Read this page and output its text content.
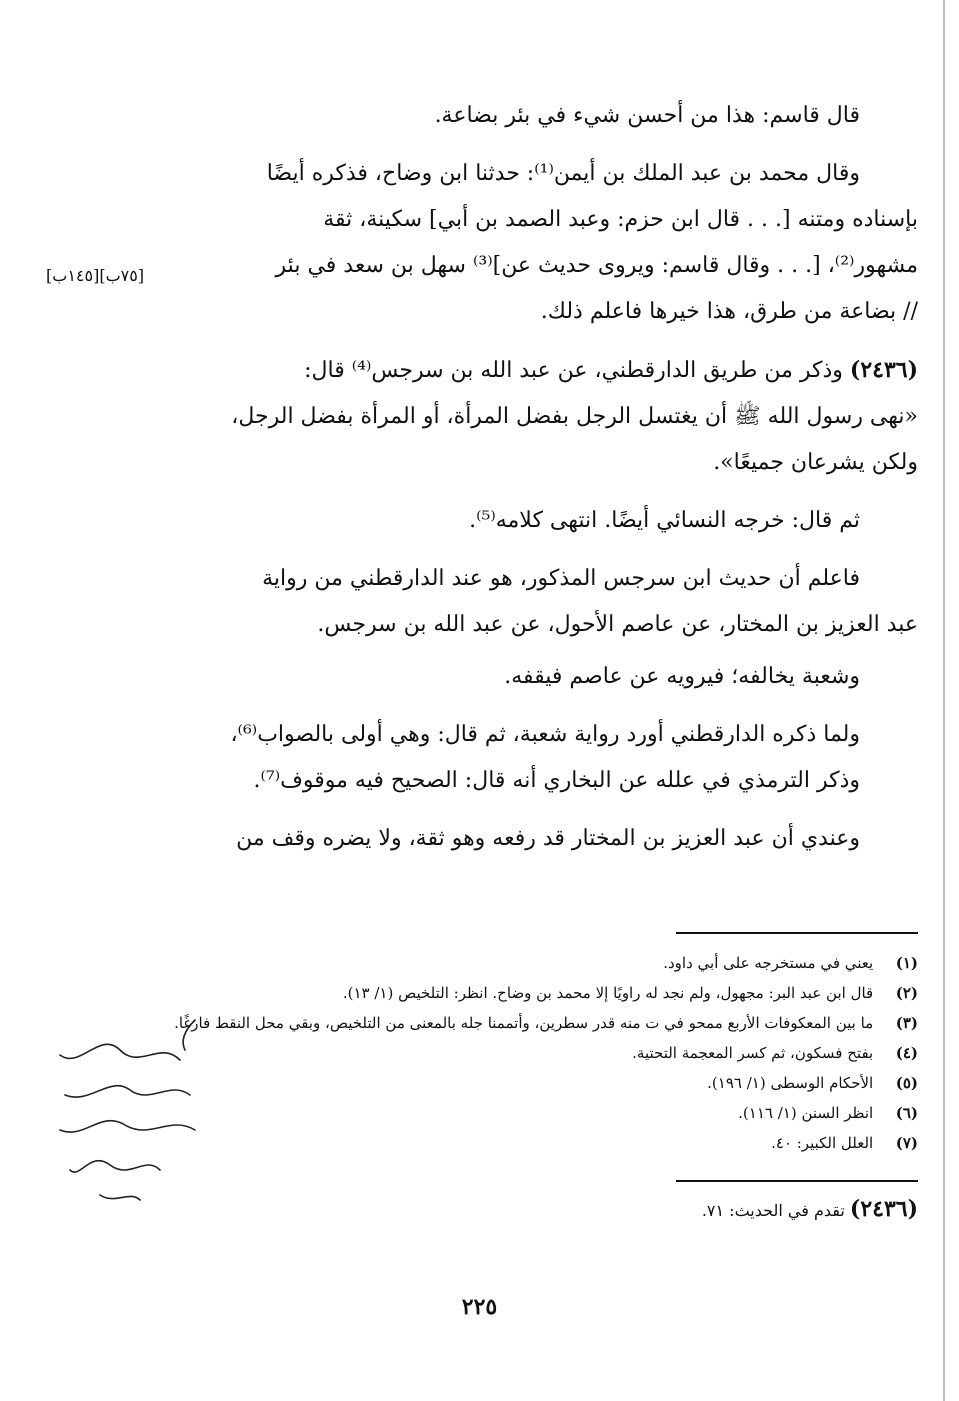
قال قاسم: هذا من أحسن شيء في بئر بضاعة.

وقال محمد بن عبد الملك بن أيمن⁽¹⁾: حدثنا ابن وضاح، فذكره أيضًا
بإسناده ومتنه [. . . قال ابن حزم: وعبد الصمد بن أبي] سكينة، ثقة
مشهور⁽²⁾، [. . . وقال قاسم: ويروى حديث عن]⁽³⁾ سهل بن سعد في بئر
// بضاعة من طرق، هذا خيرها فاعلم ذلك.

(٢٤٣٦) وذكر من طريق الدارقطني، عن عبد الله بن سرجس⁽⁴⁾ قال:
«نهى رسول الله ﷺ أن يغتسل الرجل بفضل المرأة، أو المرأة بفضل الرجل،
ولكن يشرعان جميعًا».

ثم قال: خرجه النسائي أيضًا. انتهى كلامه⁽⁵⁾.

فاعلم أن حديث ابن سرجس المذكور، هو عند الدارقطني من رواية
عبد العزيز بن المختار، عن عاصم الأحول، عن عبد الله بن سرجس.

وشعبة يخالفه؛ فيرويه عن عاصم فيقفه.

ولما ذكره الدارقطني أورد رواية شعبة، ثم قال: وهي أولى بالصواب⁽⁶⁾،
وذكر الترمذي في علله عن البخاري أنه قال: الصحيح فيه موقوف⁽⁷⁾.

وعندي أن عبد العزيز بن المختار قد رفعه وهو ثقة، ولا يضره وقف من

[٧٥ب][١٤٥ب]
(١) يعني في مستخرجه على أبي داود.
(٢) قال ابن عبد البر: مجهول، ولم نجد له راويًا إلا محمد بن وضاح. انظر: التلخيص (١/ ١٣).
(٣) ما بين المعكوفات الأربع ممحو في ت منه قدر سطرين، وأتممنا جله بالمعنى من التلخيص، وبقي محل النقط فارغًا.
(٤) بفتح فسكون، ثم كسر المعجمة التحتية.
(٥) الأحكام الوسطى (١/ ١٩٦).
(٦) انظر السنن (١/ ١١٦).
(٧) العلل الكبير: ٤٠.
(٢٤٣٦) تقدم في الحديث: ٧١.
٢٢٥
